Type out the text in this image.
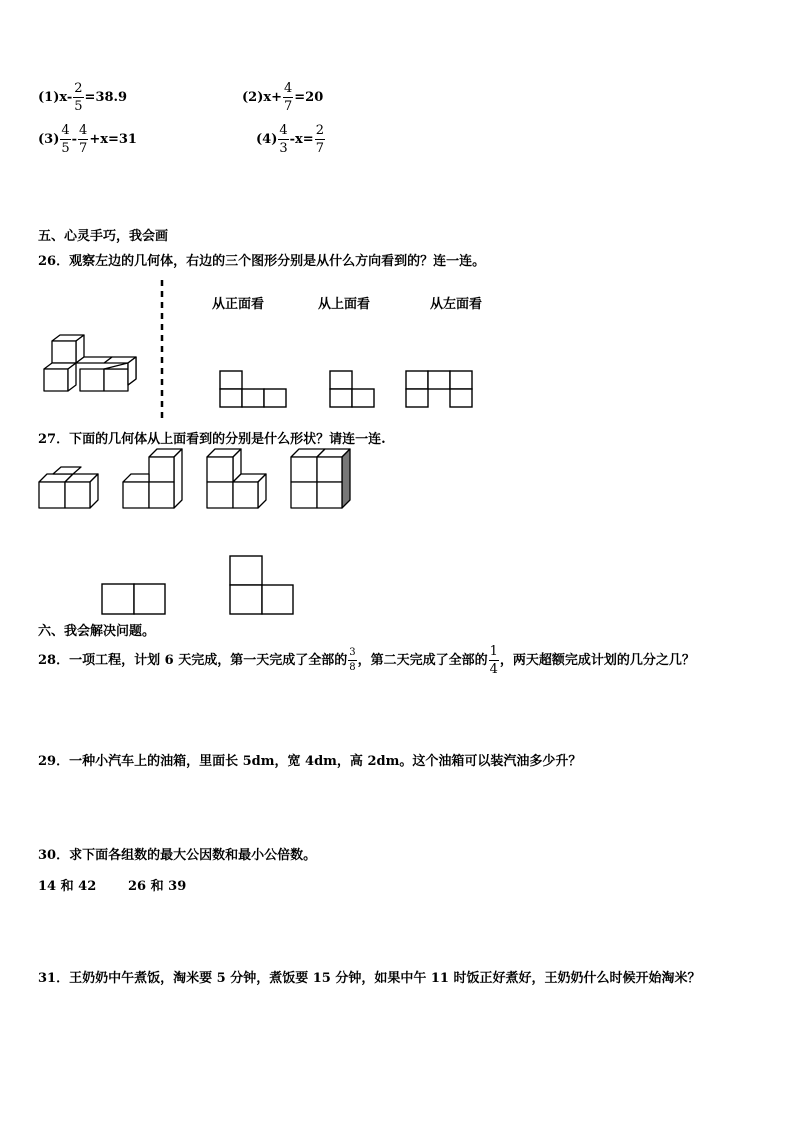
$(1)x- \frac{2}{5} =38.9$	$(2)x+ \frac{4}{7} =20$
$(3) \frac{4}{5} - \frac{4}{7} +x=31$	$(4) \frac{4}{3} -x= \frac{2}{7}$
五、心灵手巧，我会画
26．观察左边的几何体，右边的三个图形分别是从什么方向看到的？连一连。
从正面看	从上面看	从左面看
27．下面的几何体从上面看到的分别是什么形状？请连一连.
六、我会解决问题。
28．一项工程，计划 6 天完成，第一天完成了全部的 $\frac{3}{8}$ ，第二天完成了全部的 $\frac{1}{4}$ ，两天超额完成计划的几分之几？
29．一种小汽车上的油箱，里面长 5dm，宽 4dm，高 2dm。这个油箱可以装汽油多少升？
30．求下面各组数的最大公因数和最小公倍数。
14 和 42 26 和 39
31．王奶奶中午煮饭，淘米要 5 分钟，煮饭要 15 分钟，如果中午 11 时饭正好煮好，王奶奶什么时候开始淘米？
